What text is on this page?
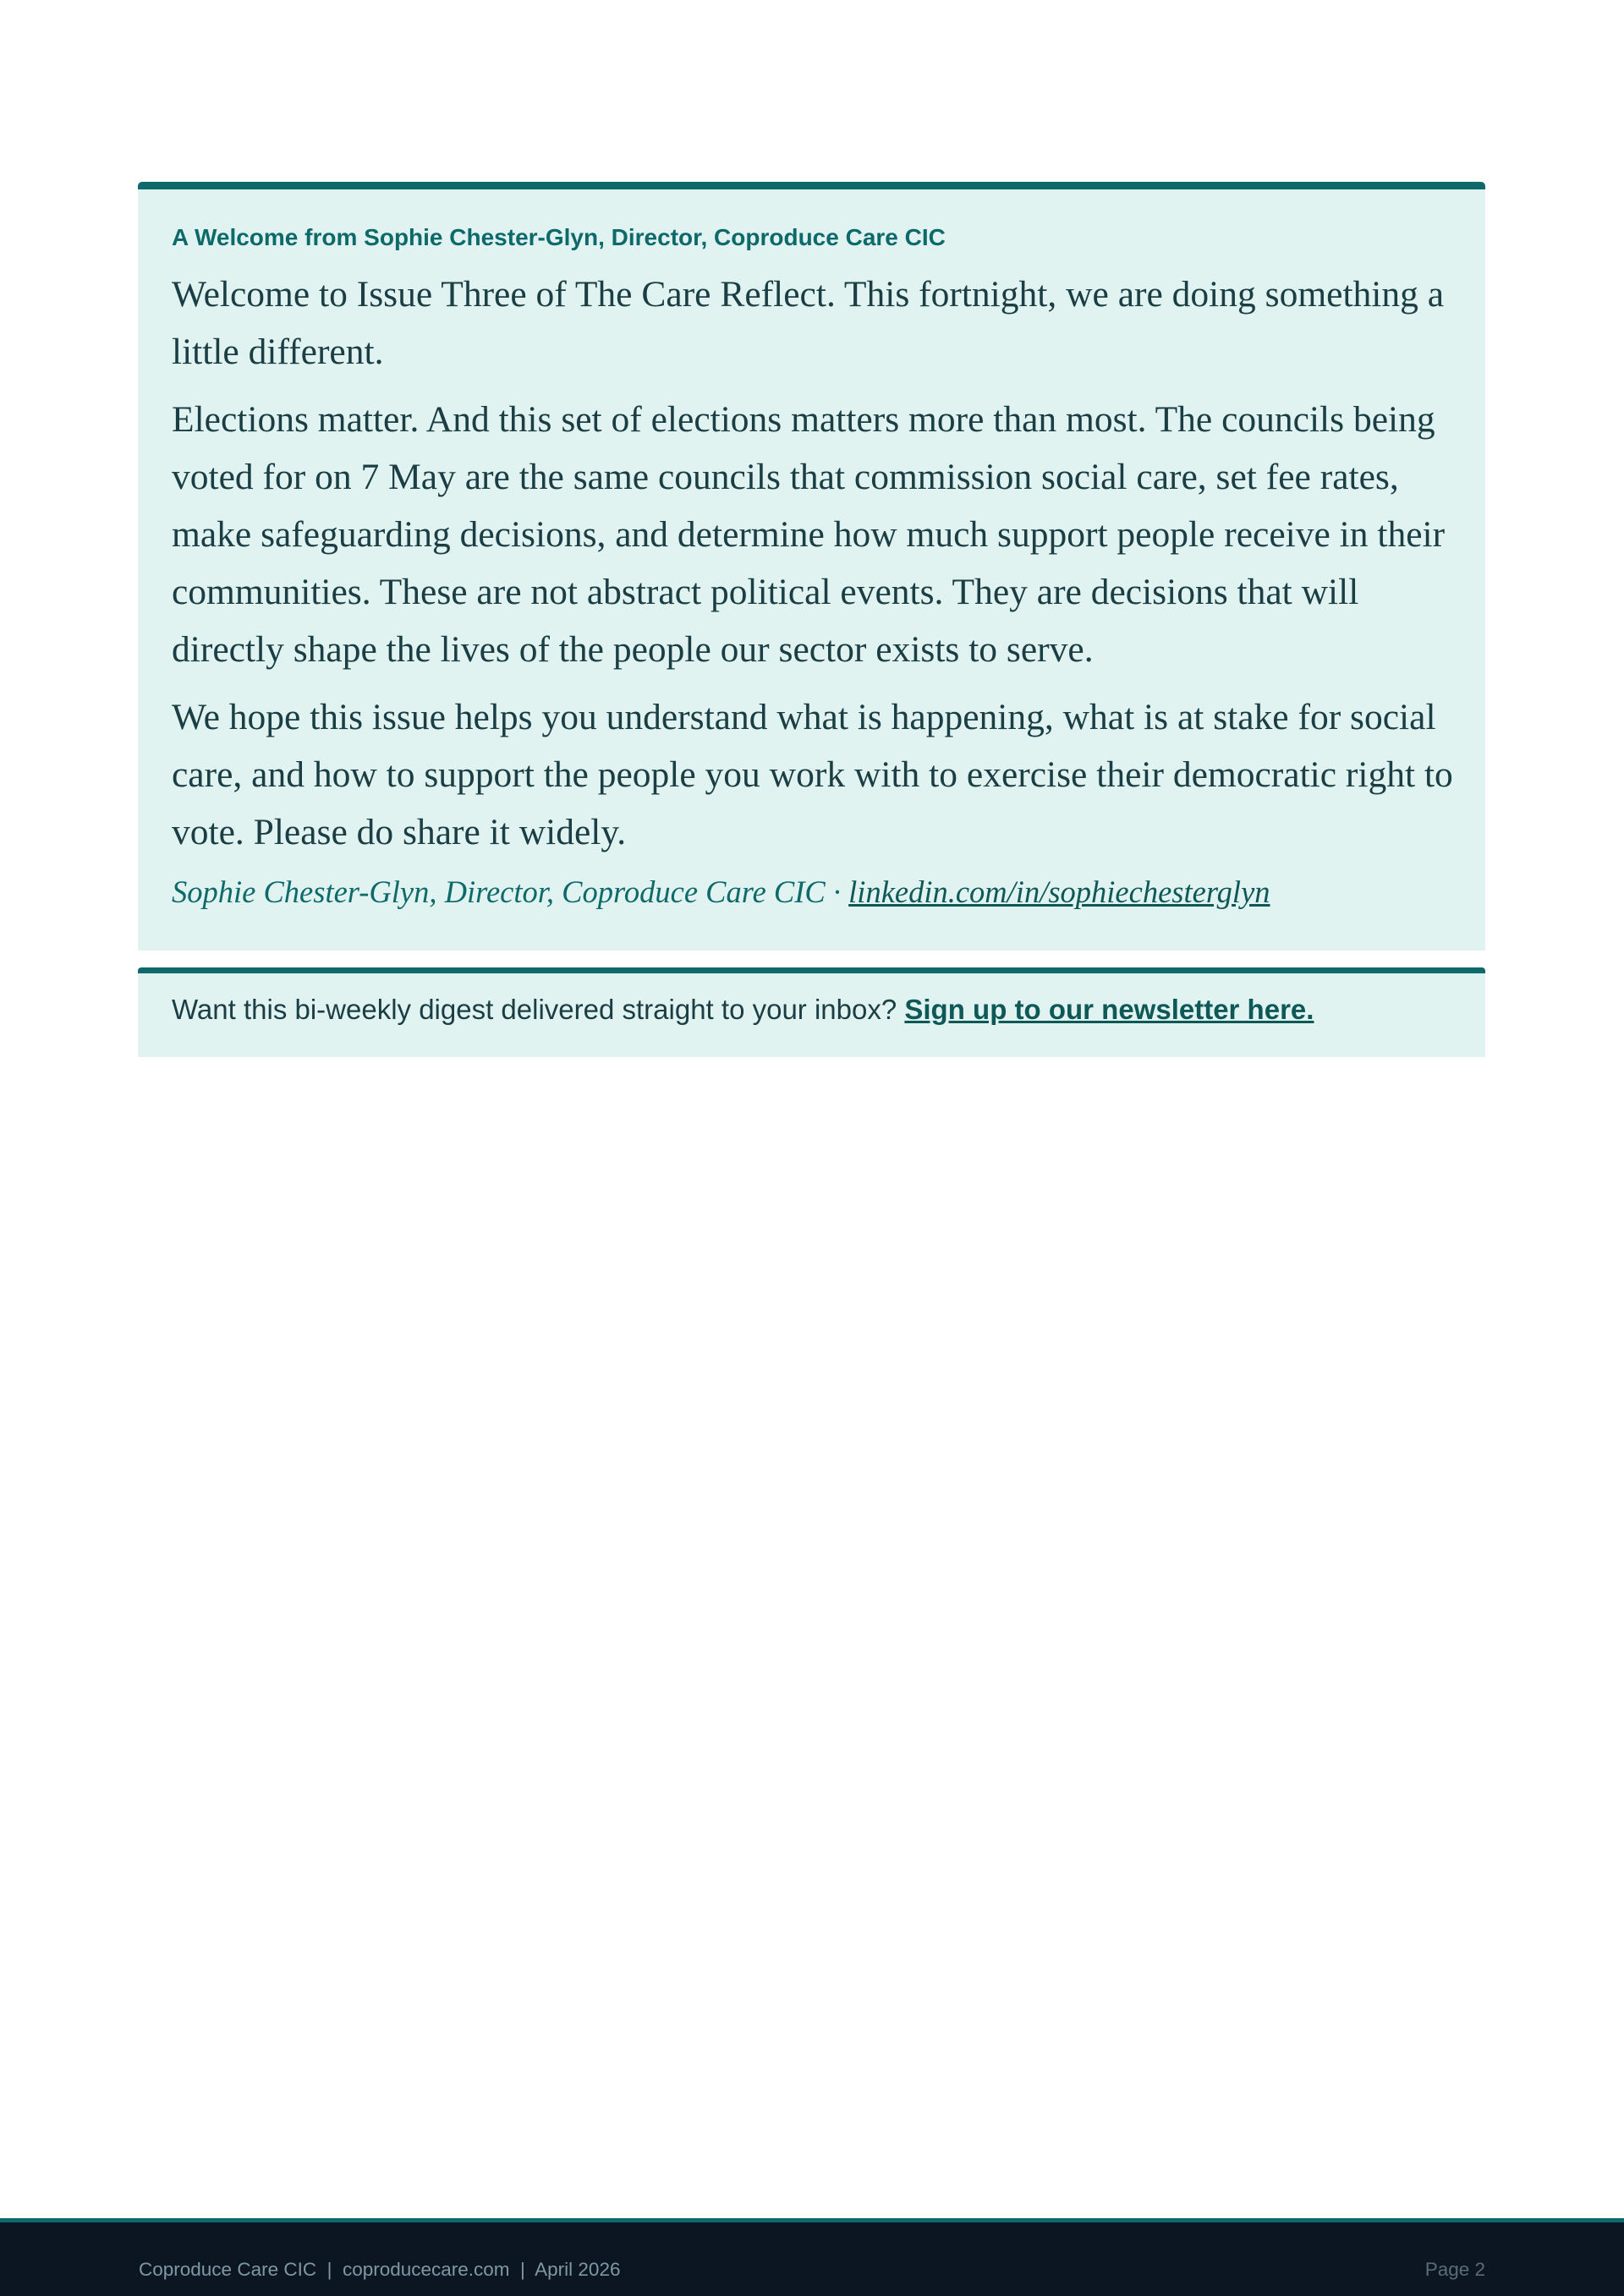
A Welcome from Sophie Chester-Glyn, Director, Coproduce Care CIC

Welcome to Issue Three of The Care Reflect. This fortnight, we are doing something a little different.

Elections matter. And this set of elections matters more than most. The councils being voted for on 7 May are the same councils that commission social care, set fee rates, make safeguarding decisions, and determine how much support people receive in their communities. These are not abstract political events. They are decisions that will directly shape the lives of the people our sector exists to serve.

We hope this issue helps you understand what is happening, what is at stake for social care, and how to support the people you work with to exercise their democratic right to vote. Please do share it widely.

Sophie Chester-Glyn, Director, Coproduce Care CIC · linkedin.com/in/sophiechesterglyn

Want this bi-weekly digest delivered straight to your inbox? Sign up to our newsletter here.

Coproduce Care CIC  |  coproducecare.com  |  April 2026	Page 2
